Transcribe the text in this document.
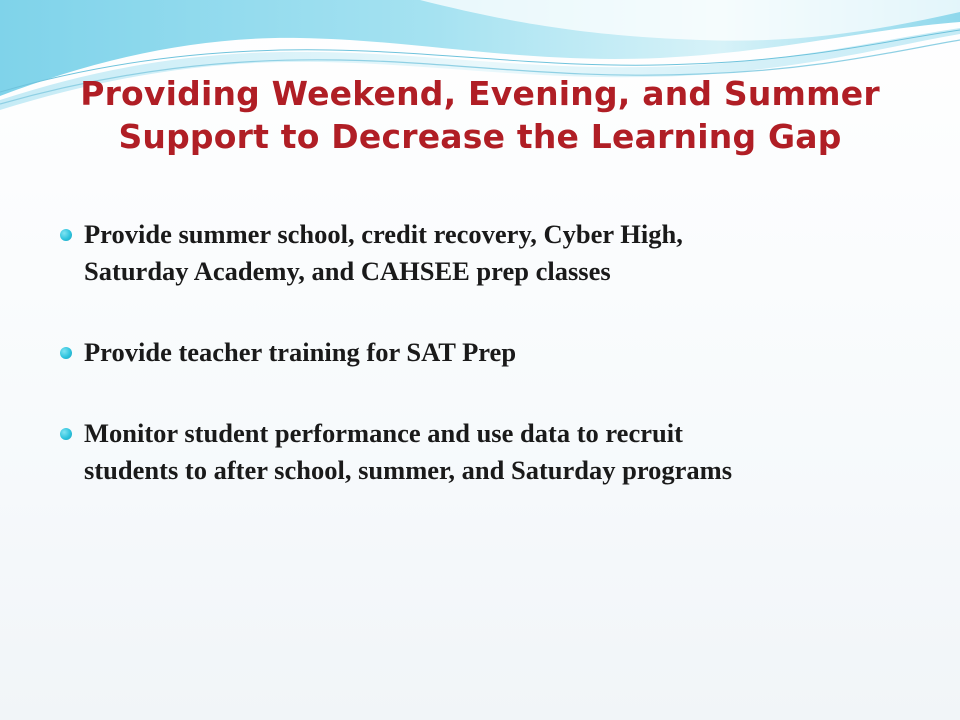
Providing Weekend, Evening, and Summer
Support to Decrease the Learning Gap
Provide summer school, credit recovery, Cyber High,
Saturday Academy, and CAHSEE prep classes
Provide teacher training for SAT Prep
Monitor student performance and use data to recruit
students to after school, summer, and Saturday programs
